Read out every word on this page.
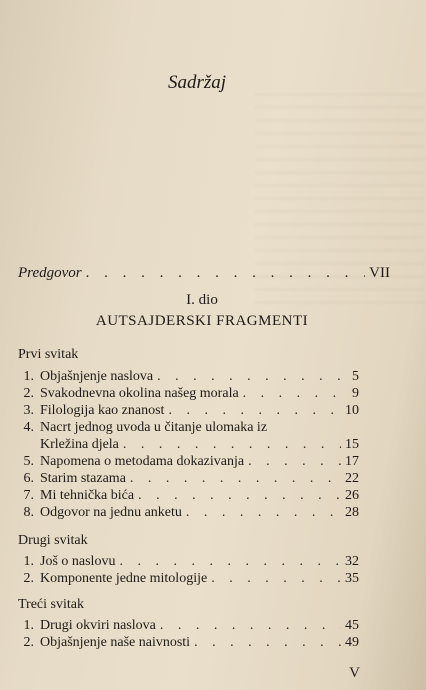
Sadržaj
Predgovor . . .	VII
I. dio
AUTSAJDERSKI FRAGMENTI
Prvi svitak
1. Objašnjenje naslova . . .	5
2. Svakodnevna okolina našeg morala . . .	9
3. Filologija kao znanost . . .	10
4. Nacrt jednog uvoda u čitanje ulomaka iz
Krležina djela . . .	15
5. Napomena o metodama dokazivanja . . .	17
6. Starim stazama . . .	22
7. Mi tehnička bića . . .	26
8. Odgovor na jednu anketu . . .	28
Drugi svitak
1. Još o naslovu . . .	32
2. Komponente jedne mitologije . . .	35
Treći svitak
1. Drugi okviri naslova . . .	45
2. Objašnjenje naše naivnosti . . .	49
V
